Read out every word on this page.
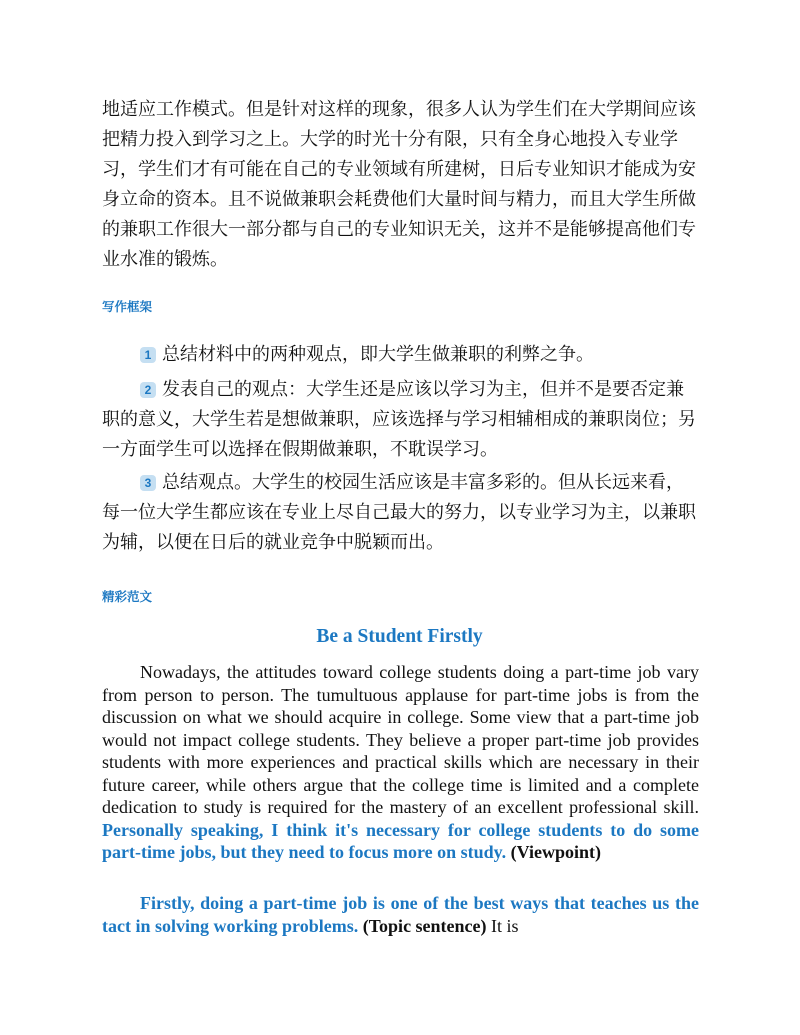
地适应工作模式。但是针对这样的现象，很多人认为学生们在大学期间应该把精力投入到学习之上。大学的时光十分有限，只有全身心地投入专业学习，学生们才有可能在自己的专业领域有所建树，日后专业知识才能成为安身立命的资本。且不说做兼职会耗费他们大量时间与精力，而且大学生所做的兼职工作很大一部分都与自己的专业知识无关，这并不是能够提高他们专业水准的锻炼。

写作框架

1 总结材料中的两种观点，即大学生做兼职的利弊之争。

2 发表自己的观点：大学生还是应该以学习为主，但并不是要否定兼职的意义，大学生若是想做兼职，应该选择与学习相辅相成的兼职岗位；另一方面学生可以选择在假期做兼职，不耽误学习。

3 总结观点。大学生的校园生活应该是丰富多彩的。但从长远来看，每一位大学生都应该在专业上尽自己最大的努力，以专业学习为主，以兼职为辅，以便在日后的就业竞争中脱颖而出。

精彩范文

Be a Student Firstly

Nowadays, the attitudes toward college students doing a part-time job vary from person to person. The tumultuous applause for part-time jobs is from the discussion on what we should acquire in college. Some view that a part-time job would not impact college students. They believe a proper part-time job provides students with more experiences and practical skills which are necessary in their future career, while others argue that the college time is limited and a complete dedication to study is required for the mastery of an excellent professional skill. Personally speaking, I think it's necessary for college students to do some part-time jobs, but they need to focus more on study. (Viewpoint)

Firstly, doing a part-time job is one of the best ways that teaches us the tact in solving working problems. (Topic sentence) It is
